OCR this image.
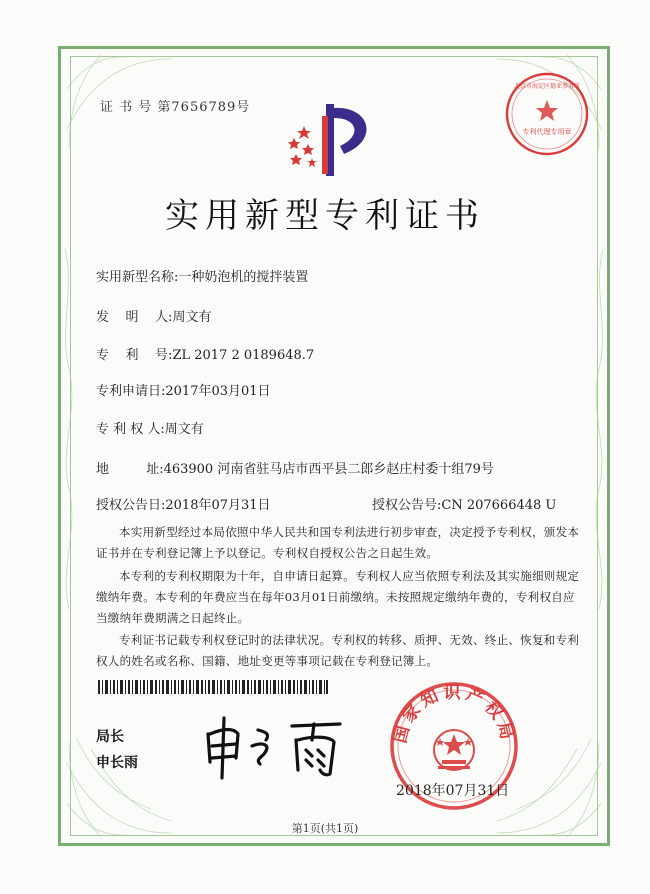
证 书 号 第7656789号
专利代理专用章
北京市海淀区德亚事务所
实用新型专利证书
实用新型名称:一种奶泡机的搅拌装置
发    明    人:周文有
专    利    号:ZL 2017 2 0189648.7
专利申请日:2017年03月01日
专 利 权 人:周文有
地         址:463900 河南省驻马店市西平县二郎乡赵庄村委十组79号
授权公告日:2018年07月31日	授权公告号:CN 207666448 U
本实用新型经过本局依照中华人民共和国专利法进行初步审查，决定授予专利权，颁发本证书并在专利登记簿上予以登记。专利权自授权公告之日起生效。
本专利的专利权期限为十年，自申请日起算。专利权人应当依照专利法及其实施细则规定缴纳年费。本专利的年费应当在每年03月01日前缴纳。未按照规定缴纳年费的，专利权自应当缴纳年费期满之日起终止。
专利证书记载专利权登记时的法律状况。专利权的转移、质押、无效、终止、恢复和专利权人的姓名或名称、国籍、地址变更等事项记载在专利登记簿上。
局长
申长雨
国家知识产权局
2018年07月31日
第1页(共1页)
